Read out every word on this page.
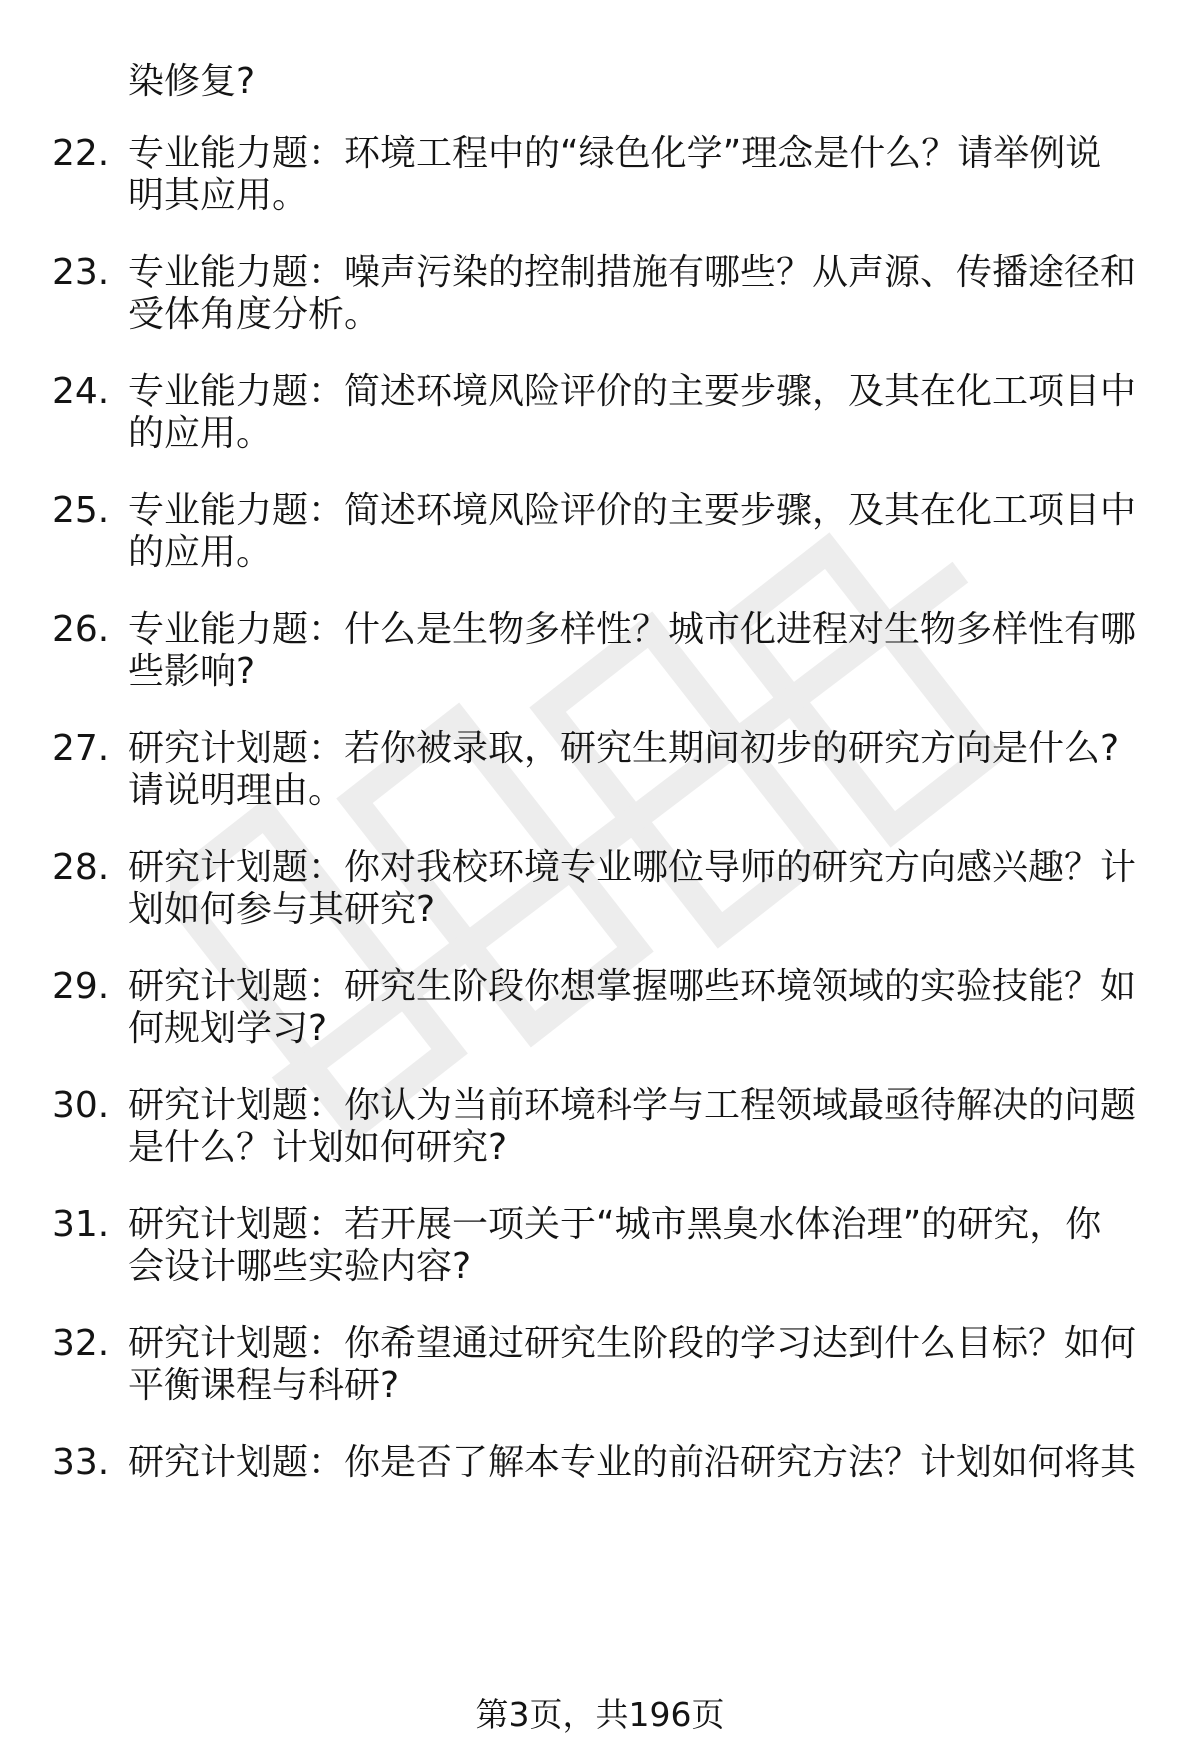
染修复?
22. 专业能力题：环境工程中的“绿色化学”理念是什么？请举例说
明其应用。
23. 专业能力题：噪声污染的控制措施有哪些？从声源、传播途径和
受体角度分析。
24. 专业能力题：简述环境风险评价的主要步骤，及其在化工项目中
的应用。
25. 专业能力题：简述环境风险评价的主要步骤，及其在化工项目中
的应用。
26. 专业能力题：什么是生物多样性？城市化进程对生物多样性有哪
些影响?
27. 研究计划题：若你被录取，研究生期间初步的研究方向是什么?
请说明理由。
28. 研究计划题：你对我校环境专业哪位导师的研究方向感兴趣？计
划如何参与其研究?
29. 研究计划题：研究生阶段你想掌握哪些环境领域的实验技能？如
何规划学习?
30. 研究计划题：你认为当前环境科学与工程领域最亟待解决的问题
是什么？计划如何研究?
31. 研究计划题：若开展一项关于“城市黑臭水体治理”的研究，你
会设计哪些实验内容?
32. 研究计划题：你希望通过研究生阶段的学习达到什么目标？如何
平衡课程与科研?
33. 研究计划题：你是否了解本专业的前沿研究方法？计划如何将其
第3页，共196页
